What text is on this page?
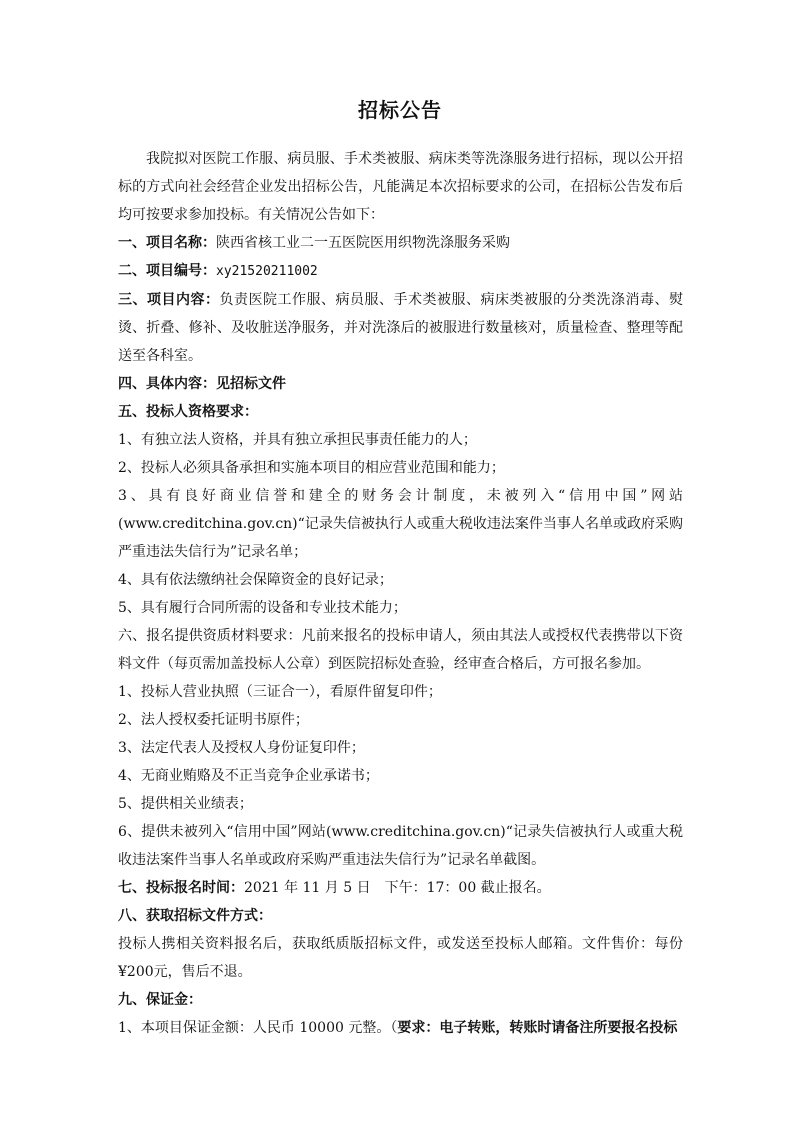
招标公告

我院拟对医院工作服、病员服、手术类被服、病床类等洗涤服务进行招标，现以公开招标的方式向社会经营企业发出招标公告，凡能满足本次招标要求的公司，在招标公告发布后均可按要求参加投标。有关情况公告如下：

一、项目名称：陕西省核工业二一五医院医用织物洗涤服务采购

二、项目编号：xy21520211002

三、项目内容：负责医院工作服、病员服、手术类被服、病床类被服的分类洗涤消毒、熨烫、折叠、修补、及收脏送净服务，并对洗涤后的被服进行数量核对，质量检查、整理等配送至各科室。

四、具体内容：见招标文件

五、投标人资格要求：

1、有独立法人资格，并具有独立承担民事责任能力的人；

2、投标人必须具备承担和实施本项目的相应营业范围和能力；

3、具有良好商业信誉和建全的财务会计制度，未被列入“信用中国”网站(www.creditchina.gov.cn)“记录失信被执行人或重大税收违法案件当事人名单或政府采购严重违法失信行为”记录名单；

4、具有依法缴纳社会保障资金的良好记录；

5、具有履行合同所需的设备和专业技术能力；

六、报名提供资质材料要求：凡前来报名的投标申请人，须由其法人或授权代表携带以下资料文件（每页需加盖投标人公章）到医院招标处查验，经审查合格后，方可报名参加。

1、投标人营业执照（三证合一），看原件留复印件；

2、法人授权委托证明书原件；

3、法定代表人及授权人身份证复印件；

4、无商业贿赂及不正当竞争企业承诺书；

5、提供相关业绩表；

6、提供未被列入“信用中国”网站(www.creditchina.gov.cn)“记录失信被执行人或重大税收违法案件当事人名单或政府采购严重违法失信行为”记录名单截图。

七、投标报名时间：2021 年 11 月 5 日　下午：17：00 截止报名。

八、获取招标文件方式：

投标人携相关资料报名后，获取纸质版招标文件，或发送至投标人邮箱。文件售价：每份¥200元，售后不退。

九、保证金：

1、本项目保证金额：人民币 10000 元整。（要求：电子转账，转账时请备注所要报名投标
